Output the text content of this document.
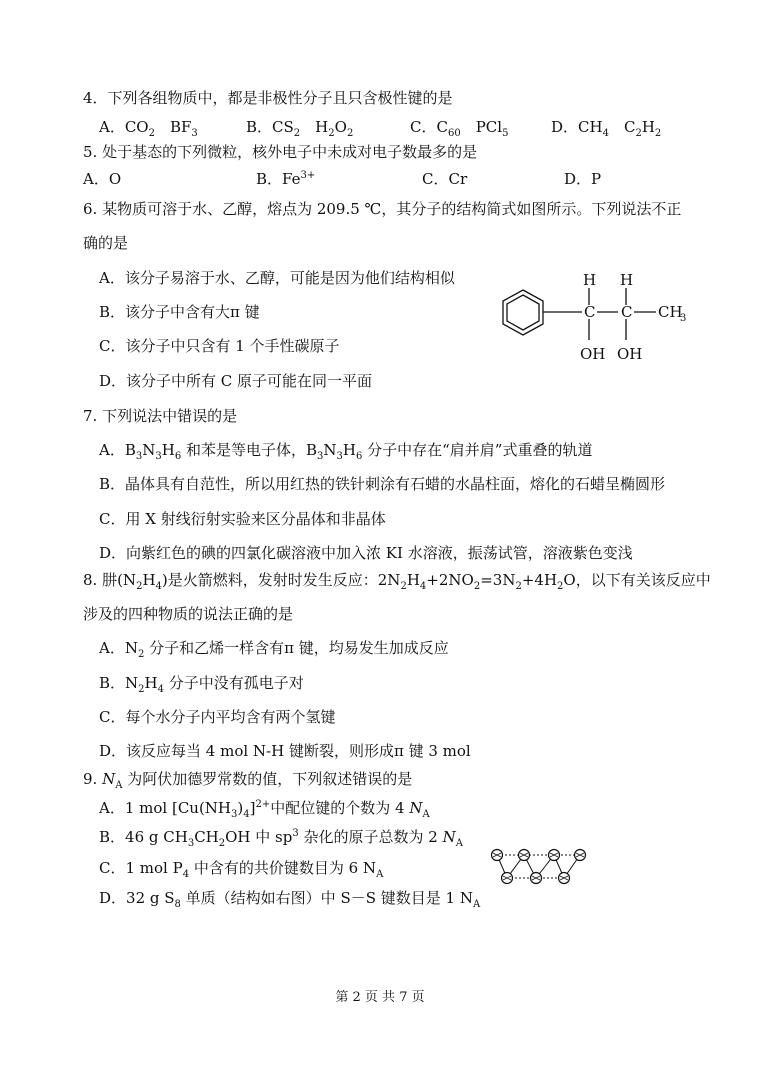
4．下列各组物质中，都是非极性分子且只含极性键的是
A．$CO_2$　$BF_3$	B．$CS_2$　$H_2O_2$	C．$C_{60}$　PCl$_5$	D．$CH_4$　$C_2H_2$
5. 处于基态的下列微粒，核外电子中未成对电子数最多的是
A．O	B．$Fe^{3+}$	C．Cr	D．P
6. 某物质可溶于水、乙醇，熔点为 209.5 ℃，其分子的结构简式如图所示。下列说法不正
确的是
A．该分子易溶于水、乙醇，可能是因为他们结构相似
B．该分子中含有大π 键
C．该分子中只含有 1 个手性碳原子
D．该分子中所有 C 原子可能在同一平面
H H
C C CH
3
OH OH
7. 下列说法中错误的是
A．$B_3N_3H_6$ 和苯是等电子体，$B_3N_3H_6$ 分子中存在“肩并肩”式重叠的轨道
B．晶体具有自范性，所以用红热的铁针刺涂有石蜡的水晶柱面，熔化的石蜡呈椭圆形
C．用 X 射线衍射实验来区分晶体和非晶体
D．向紫红色的碘的四氯化碳溶液中加入浓 KI 水溶液，振荡试管，溶液紫色变浅
8. 肼$(N_2H_4)$是火箭燃料，发射时发生反应：$2N_2H_4+2NO_2=3N_2+4H_2O$，以下有关该反应中
涉及的四种物质的说法正确的是
A．$N_2$ 分子和乙烯一样含有π 键，均易发生加成反应
B．$N_2H_4$ 分子中没有孤电子对
C．每个水分子内平均含有两个氢键
D．该反应每当 4 mol N-H 键断裂，则形成π 键 3 mol
9. $N_A$ 为阿伏加德罗常数的值，下列叙述错误的是
A．1 mol $[Cu(NH_3)_4]^{2+}$中配位键的个数为 4 $N_A$
B．46 g $CH_3CH_2OH$ 中 $sp^3$ 杂化的原子总数为 2 $N_A$
C．1 mol $P_4$ 中含有的共价键数目为 6 $N_A$
D．32 g $S_8$ 单质（结构如右图）中 S－S 键数目是 1 $N_A$
第 2 页 共 7 页
